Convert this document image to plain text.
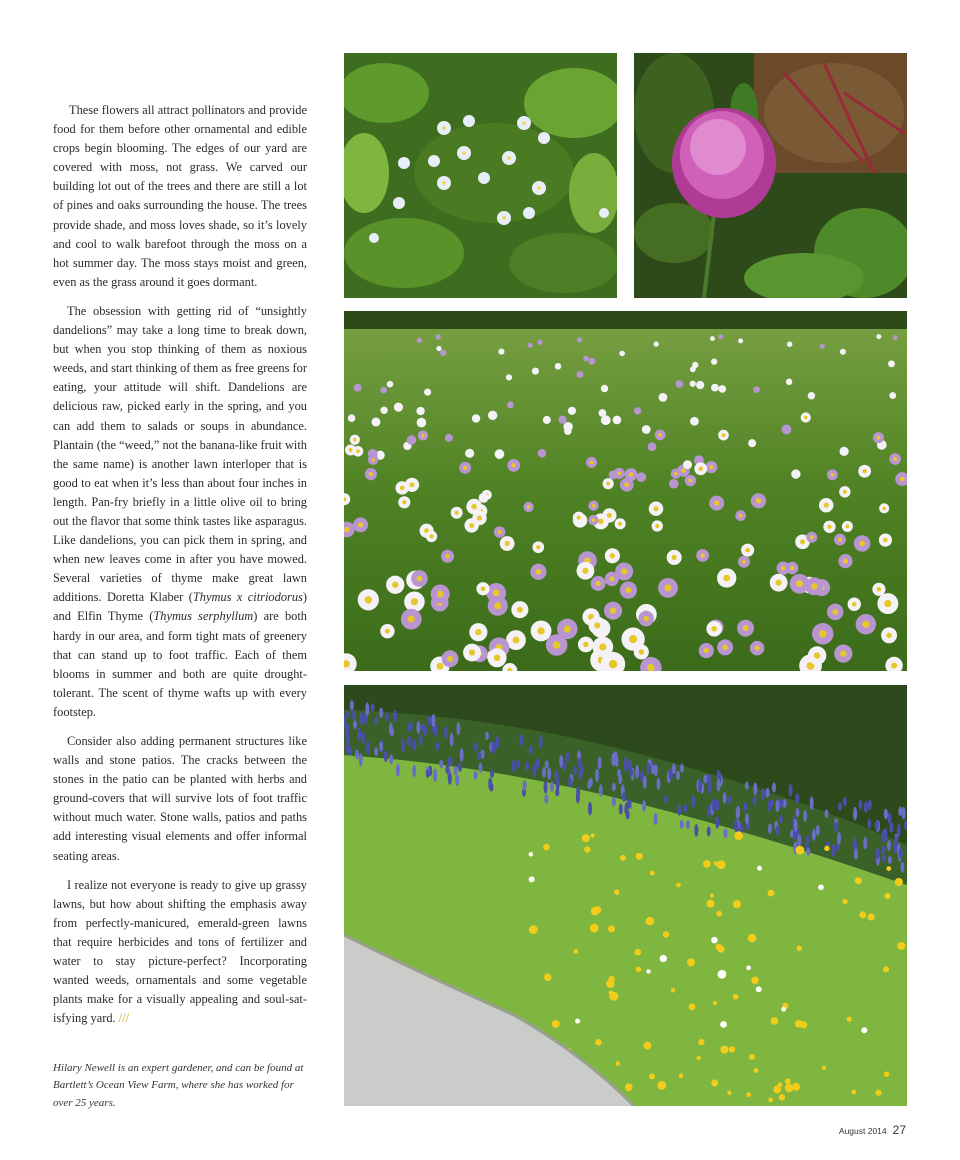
These flowers all attract pollinators and provide food for them before other ornamental and edible crops begin blooming. The edges of our yard are covered with moss, not grass. We carved our building lot out of the trees and there are still a lot of pines and oaks surrounding the house. The trees provide shade, and moss loves shade, so it’s lovely and cool to walk barefoot through the moss on a hot summer day. The moss stays moist and green, even as the grass around it goes dormant.

The obsession with getting rid of “unsightly dandelions” may take a long time to break down, but when you stop thinking of them as noxious weeds, and start thinking of them as free greens for eating, your attitude will shift. Dandelions are delicious raw, picked early in the spring, and you can add them to salads or soups in abundance. Plantain (the “weed,” not the banana-like fruit with the same name) is another lawn interloper that is good to eat when it’s less than about four inches in length. Pan-fry briefly in a little olive oil to bring out the flavor that some think tastes like asparagus. Like dandelions, you can pick them in spring, and when new leaves come in after you have mowed. Several varieties of thyme make great lawn additions. Doretta Klaber (Thymus x citriodorus) and Elfin Thyme (Thymus serphyllum) are both hardy in our area, and form tight mats of greenery that can stand up to foot traffic. Each of them blooms in summer and both are quite drought-tolerant. The scent of thyme wafts up with every footstep.

Consider also adding permanent structures like walls and stone patios. The cracks between the stones in the patio can be planted with herbs and ground-covers that will survive lots of foot traffic without much water. Stone walls, patios and paths add interesting visual elements and offer informal seating areas.

I realize not everyone is ready to give up grassy lawns, but how about shifting the emphasis away from perfectly-manicured, emerald-green lawns that require herbicides and tons of fertilizer and water to stay picture-perfect? Incorporating wanted weeds, ornamentals and some vegetable plants make for a visually appealing and soul-satisfying yard. ///

Hilary Newell is an expert gardener, and can be found at Bartlett’s Ocean View Farm, where she has worked for over 25 years.
August 2014 27
